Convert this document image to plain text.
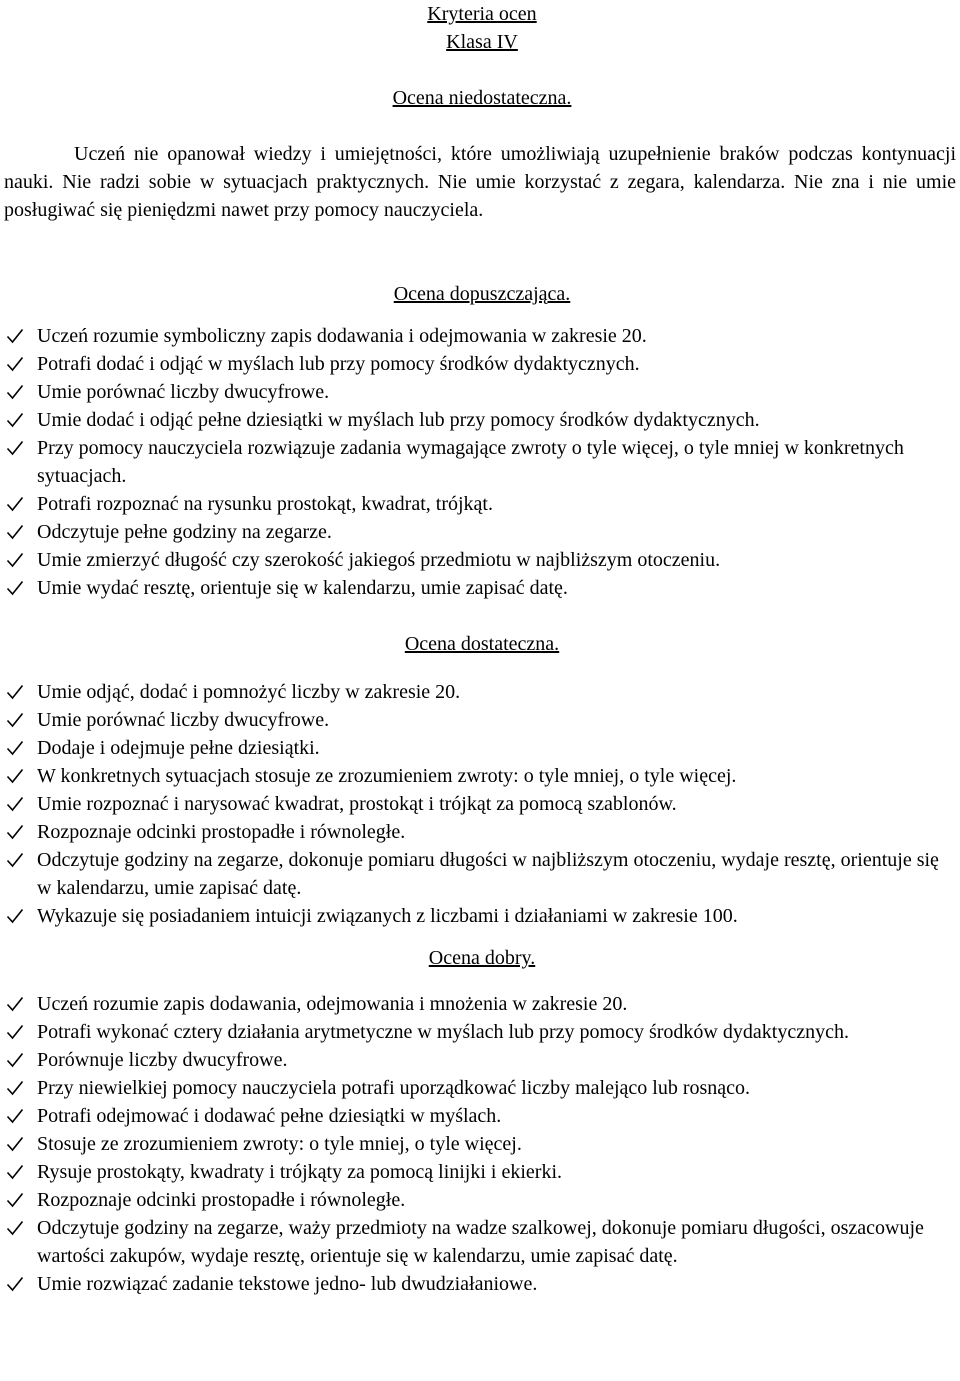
Kryteria ocen

Klasa IV

Ocena niedostateczna.

Uczeń nie opanował wiedzy i umiejętności, które umożliwiają uzupełnienie braków podczas kontynuacji nauki. Nie radzi sobie w sytuacjach praktycznych. Nie umie korzystać z zegara, kalendarza. Nie zna i nie umie posługiwać się pieniędzmi nawet przy pomocy nauczyciela.

Ocena dopuszczająca.

Uczeń rozumie symboliczny zapis dodawania i odejmowania w zakresie 20.
Potrafi dodać i odjąć w myślach lub przy pomocy środków dydaktycznych.
Umie porównać liczby dwucyfrowe.
Umie dodać i odjąć pełne dziesiątki w myślach lub przy pomocy środków dydaktycznych.
Przy pomocy nauczyciela rozwiązuje zadania wymagające zwroty o tyle więcej, o tyle mniej w konkretnych sytuacjach.
Potrafi rozpoznać na rysunku prostokąt, kwadrat, trójkąt.
Odczytuje pełne godziny na zegarze.
Umie zmierzyć długość czy szerokość jakiegoś przedmiotu w najbliższym otoczeniu.
Umie wydać resztę, orientuje się w kalendarzu, umie zapisać datę.

Ocena dostateczna.

Umie odjąć, dodać i pomnożyć liczby w zakresie 20.
Umie porównać liczby dwucyfrowe.
Dodaje i odejmuje pełne dziesiątki.
W konkretnych sytuacjach stosuje ze zrozumieniem zwroty: o tyle mniej, o tyle więcej.
Umie rozpoznać i narysować kwadrat, prostokąt i trójkąt za pomocą szablonów.
Rozpoznaje odcinki prostopadłe i równoległe.
Odczytuje godziny na zegarze, dokonuje pomiaru długości w najbliższym otoczeniu, wydaje resztę, orientuje się w kalendarzu, umie zapisać datę.
Wykazuje się posiadaniem intuicji związanych z liczbami i działaniami w zakresie 100.

Ocena dobry.

Uczeń rozumie zapis dodawania, odejmowania i mnożenia w zakresie 20.
Potrafi wykonać cztery działania arytmetyczne w myślach lub przy pomocy środków dydaktycznych.
Porównuje liczby dwucyfrowe.
Przy niewielkiej pomocy nauczyciela potrafi uporządkować liczby malejąco lub rosnąco.
Potrafi odejmować i dodawać pełne dziesiątki w myślach.
Stosuje ze zrozumieniem zwroty: o tyle mniej, o tyle więcej.
Rysuje prostokąty, kwadraty i trójkąty za pomocą linijki i ekierki.
Rozpoznaje odcinki prostopadłe i równoległe.
Odczytuje godziny na zegarze, waży przedmioty na wadze szalkowej, dokonuje pomiaru długości, oszacowuje wartości zakupów, wydaje resztę, orientuje się w kalendarzu, umie zapisać datę.
Umie rozwiązać zadanie tekstowe jedno- lub dwudziałaniowe.
